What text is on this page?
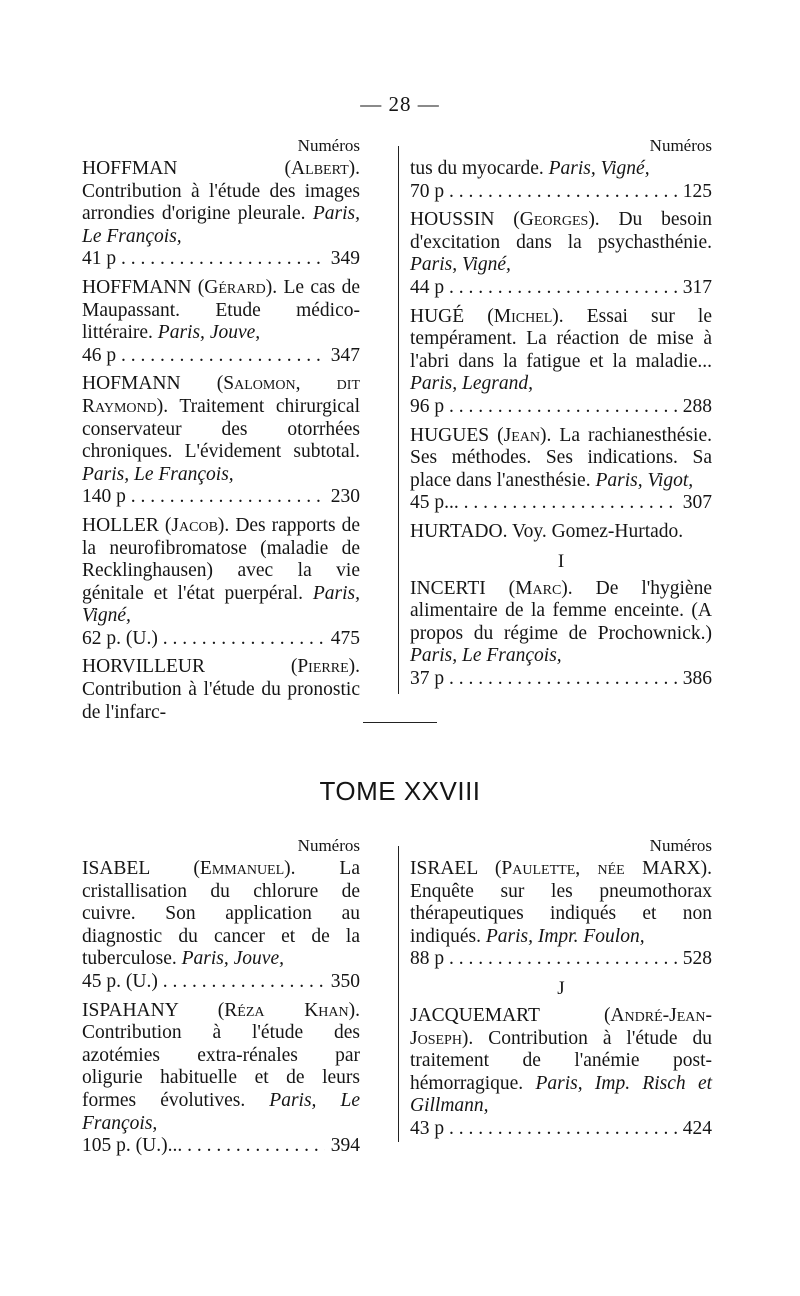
— 28 —
Numéros

HOFFMAN (Albert). Contribution à l'étude des images arrondies d'origine pleurale. Paris, Le François,

41 p . . .	349

HOFFMANN (Gérard). Le cas de Maupassant. Etude médico-littéraire. Paris, Jouve,

46 p . . .	347

HOFMANN (Salomon, dit Raymond). Traitement chirurgical conservateur des otorrhées chroniques. L'évidement subtotal. Paris, Le François,

140 p . . .	230

HOLLER (Jacob). Des rapports de la neurofibromatose (maladie de Recklinghausen) avec la vie génitale et l'état puerpéral. Paris, Vigné,

62 p. (U.) . . .	475

HORVILLEUR (Pierre). Contribution à l'étude du pronostic de l'infarc-

Numéros

tus du myocarde. Paris, Vigné,

70 p . . .	125

HOUSSIN (Georges). Du besoin d'excitation dans la psychasthénie. Paris, Vigné,

44 p . . .	317

HUGÉ (Michel). Essai sur le tempérament. La réaction de mise à l'abri dans la fatigue et la maladie... Paris, Legrand,

96 p . . .	288

HUGUES (Jean). La rachianesthésie. Ses méthodes. Ses indications. Sa place dans l'anesthésie. Paris, Vigot,

45 p... . . .	307

HURTADO. Voy. Gomez-Hurtado.

I

INCERTI (Marc). De l'hygiène alimentaire de la femme enceinte. (A propos du régime de Prochownick.) Paris, Le François,

37 p . . .	386
TOME XXVIII
Numéros

ISABEL (Emmanuel). La cristallisation du chlorure de cuivre. Son application au diagnostic du cancer et de la tuberculose. Paris, Jouve,

45 p. (U.) . . .	350

ISPAHANY (Réza Khan). Contribution à l'étude des azotémies extra-rénales par oligurie habituelle et de leurs formes évolutives. Paris, Le François,

105 p. (U.)... . . .	394
Numéros

ISRAEL (Paulette, née MARX). Enquête sur les pneumothorax thérapeutiques indiqués et non indiqués. Paris, Impr. Foulon,

88 p . . .	528
J

JACQUEMART (André-Jean-Joseph). Contribution à l'étude du traitement de l'anémie post-hémorragique. Paris, Imp. Risch et Gillmann,

43 p . . .	424
